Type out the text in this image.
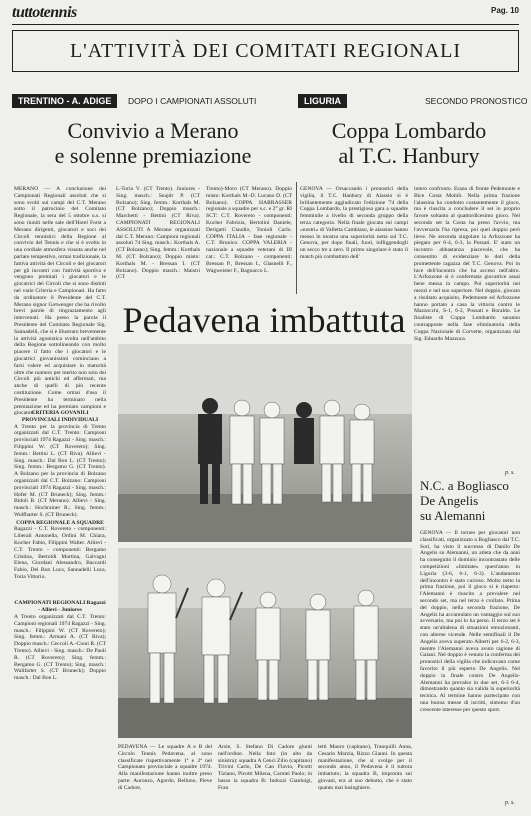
tuttotennis	Pag. 10
L'ATTIVITÀ DEI COMITATI REGIONALI
TRENTINO - A. ADIGE	DOPO I CAMPIONATI ASSOLUTI	LIGURIA	SECONDO PRONOSTICO
Convivio a Merano
e solenne premiazione
Coppa Lombardo
al T.C. Hanbury
MERANO — A conclusione dei Campionati Regionali assoluti che si sono svolti sui campi del C.T. Merano sotto il patrocinio del Comitato Regionale, la sera del 5 ottobre u.s. si sono riuniti nelle sale dell'Hotel Forst a Merano dirigenti, giocatori e soci dei Circoli tennistici della Regione al convivio del Tennis e che si è svolto in una cordiale atmosfera vissuta anche nel parlare tempestivo, ormai tradizionale, la fattiva attività dei Circoli e dei giocatori per gli incontri con l'attività sportiva e vengono premiati i giocatori e le giocatrici dei Circoli che si sono distinti nel varie Criteria e Campionati. Ha fatto da ordinatore il Presidente del C.T. Merano signor Gotwenger che ha rivolto brevi parole di ringraziamento agli intervenuti. Ha preso la parola il Presidente del Comitato Regionale Sig. Sannadelli, che si è illustrato brevemente la attività agonistica svolta nell'ambito della Regione sottolineando con molto piacere il fatto che i giocatori e le giocatrici giovanissimi cominciano a farsi valere ed acquistare in maturità oltre che numero per merito non solo dei Circoli più antichi ed affermati, ma anche di quelli di più recente costituzione. Come ormai d'uso il Presidente ha terminato nella premiazione ed ha premiato campioni e giocatori.
CRITERIA GOVANILI PROVINCIALI INDIVIDUALI
A Trento per la provincia di Trento organizzati dal C.T. Trento: Campioni provinciali 1974 Ragazzi - Sing. masch.: Filippini W. (CT Rovereto); Sing. femm.: Bettini L. (CT Riva). Allievi - Sing. masch.: Dal Bon L. (CT Trento); Sing. femm.: Bergamo G. (CT Trento). A Bolzano per la provincia di Bolzano organizzati dal C.T. Bolzano: Campioni provinciali 1974 Ragazzi - Sing. masch.: Hofer M. (CT Bruneck); Sing. femm.: Bidoli B. (CT Merano). Allievi - Sing. masch.: Hochrainer R.; Sing. femm.: Wolfharter S. (CT Bruneck).
COPPA REGIONALE A SQUADRE
Ragazzi - C.T. Rovereto - componenti: Liberali Antonella, Ordini M. Chiara, Kocher Fabio, Filippini Walter. Allievi - C.T. Trento - componenti: Bergamo Cristina, Bertoldi Martina, Galvagni Elena, Giordani Alessandro, Baccardi Fabio, Del Bon Luca, Sannadelli Luca, Toria Vittorio.
CAMPIONATI REGIONALI Ragazzi - Allievi - Juniores
A Trento organizzati dal C.T. Trento: Campioni regionali 1974 Ragazzi - Sing. masch.: Filippini W. (CT Rovereto); Sing. femm.: Armani A. (CT Riva); Doppio masch.: Ceccoli A.-Cioni R. (CT Trento). Allievi - Sing. masch.: De Paoli R. (CT Rovereto); Sing. femm.: Bergamo G. (CT Trento); Sing. masch.: Walifarter S. (CT Bruneck); Doppio masch.: Dal Bon L.
L-Toria V. (CT Trento). Juniores - Sing. masch.: Snajdr P. (CT Bolzano); Sing. femm.: Korthals M. (CT Bolzano); Doppio masch.: Marchetti - Bettini (CT Riva). CAMPIONATI REGIONALI ASSOLUTI A Merano organizzati dal C.T. Merano: Campioni regionali assoluti 74 Sing. masch.: Korthals A. (CT Bolzano); Sing. femm.: Korthals M. (CT Bolzano); Doppio misto: Korthals M. - Bressan I. (CT Bolzano). Doppio masch.: Maistri (CT
Trento)-Moro (CT Merano). Doppio misto: Korthals M.-D. Lucano D. (CT Bolzano). COPPA HARRASSER regionale a squadre per s.c. e 2° gr. RI SCT: C.T. Rovereto - componenti: Kocher Fabrizia, Bertolini Daniele, Derigatti Claudio, Tonioli Carlo. COPPA ITALIA - fase regionale - C.T. Brunico. COPPA VALERIA - nazionale a squadre veterani di III cat.: C.T. Bolzano - componenti: Bressan P., Bressan I., Glasnelli F., Wagweister F., Bagnacco L.
GENOVA — Orsaccando i pronostici della vigilia, il T.C. Hanbury di Alassio si è brillantemente aggiudicato l'edizione '74 della Coppa Lombardo, la prestigiosa gara a squadre femminile a livello di seconda gruppo della terza categoria. Nella finale giocata sui campi «nostri» di Valletta Cambiaso, le alassine hanno messo in mostra una superiorità netta sul T.C. Genova, per dopo finali, fuori, infliggendogli un secco tre a zero. Il primo singolare è stato il match più combattuto dell'
intero confronto. Erano di fronte Pedemonte e Bice Costa Mobili. Nella prima frazione l'alassina ha condotto costantemente il gioco, ma è riuscita a concludere il set in proprio favore soltanto al quattordicesimo gioco. Nel secondo set la Costa ha preso l'avvio, ma l'avversaria l'ha ripresa, poi quel doppio però lieve. Ne seconda singolare la Arfozzone ha piegato per 6-4, 6-3, la Possati. E' stato un incontro abbastanza piacevole, che ha consentito di evidenziare le doti della promettente ragazza del T.C. Genova. Poi in luce dell'incontro che ha acceso nell'altro. L'Arfozzone si è confermata giocatrice assai bene messa in campo. Poi superiorità nei mezzi e nel suo superiore. Nel doppio, giocato a risultato acquisito, Pedemonte ed Arfozzone hanno portato a casa la vittoria contro le Mazzocchi, S-1, 6-2, Possati e Boraldo. Le finaliste di Coppa Lombardo saranno contrapposte nella fase eliminatoria della Coppa Nazionale di Corvette, organizzata dal Sig. Eduardo Mazzuca.
p. s.
Pedavena imbattuta
PEDAVENA — Le squadre A e B del Circolo Tennis Pedavena, al sono classificate rispettivamente 1ª e 2ª nel Campionato provinciale a squadre 1974. Alla manifestazione hanno inoltre preso parte: Auronzo, Agordo, Belluno, Pieve di Cadore,
Arsie, S. Stefano Di Cadore giunti nell'ordine. Nella foto (in alto da sinistra): squadra A Cenci Zilio (capitano) Trivini Carlo, De Can Flavio, Picotti Tiziano, Picotti Milena, Carniel Paolo; in basso la squadra B: Indozzi Gianluigi, Frau
letti Mauro (capitano), Tranquilli Anna, Cesarin Marzia, Rizzo Gianni. In questa manifestazione, che si svolge per il secondo anno, il Pedavena è il tuttora imbattuto; la squadra B, impronta sui giovani, era al suo debutto, che è stato quanto mai lusinghiero.
N.C. a Bogliasco
De Angelis
su Alemanni
GENOVA — Il torneo per giocatori non classificati, organizzato a Bogliasco dal T.C. Sori, ha visto il successo di Danilo De Angelis su Alemanni, un atleta che da anni ha conseguito il dominio incontrastato delle competizioni «limitate» quest'anno in Liguria (3-6, 6-1, 6-3). L'andamento dell'incontro è stato curioso. Molto netto la prima frazione, poi il gioco si è riaperto: l'Alemanni è riuscito a prevalere nel secondo set, ma nel terzo è crollato. Prima del doppio, nella seconda frazione, De Angelis ha accumulato un vantaggio sul suo avversario, ma poi lo ha perso. Il terzo set è stato un'altalena di situazioni emozionanti, con alterne vicende. Nelle semifinali il De Angelis aveva superato Alberti per 6-2, 6-3, mentre l'Alemanni aveva avuto ragione di Gaiani. Nel doppio è venuto la conferma dei pronostici della vigilia che indicavano come favorito il più esperto De Angelis. Nel doppio la finale contro De Angelis-Alemanni ha prevalso in due set, 6-3 6-4, dimostrando quanto sia valida la superiorità tecnica. Al termine hanno partecipato con una buona messe di iscritti, sintomo d'un crescente interesse per questo sport.
p. s.
